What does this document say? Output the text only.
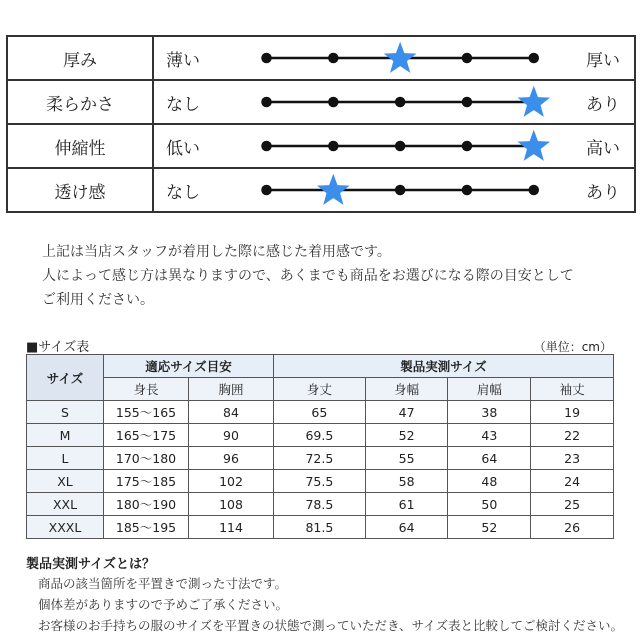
厚み	薄い	厚い
柔らかさ	なし	あり
伸縮性	低い	高い
透け感	なし	あり
上記は当店スタッフが着用した際に感じた着用感です。
人によって感じ方は異なりますので、あくまでも商品をお選びになる際の目安として
ご利用ください。
■サイズ表	（単位：cm）
サイズ	適応サイズ目安		製品実測サイズ			
	身長	胸囲	身丈	身幅	肩幅	袖丈
S	155〜165	84	65	47	38	19
M	165〜175	90	69.5	52	43	22
L	170〜180	96	72.5	55	64	23
XL	175〜185	102	75.5	58	48	24
XXL	180〜190	108	78.5	61	50	25
XXXL	185〜195	114	81.5	64	52	26
製品実測サイズとは？
商品の該当箇所を平置きで測った寸法です。
個体差がありますので予めご了承ください。
お客様のお手持ちの服のサイズを平置きの状態で測っていただき、サイズ表と比較してご検討ください。
